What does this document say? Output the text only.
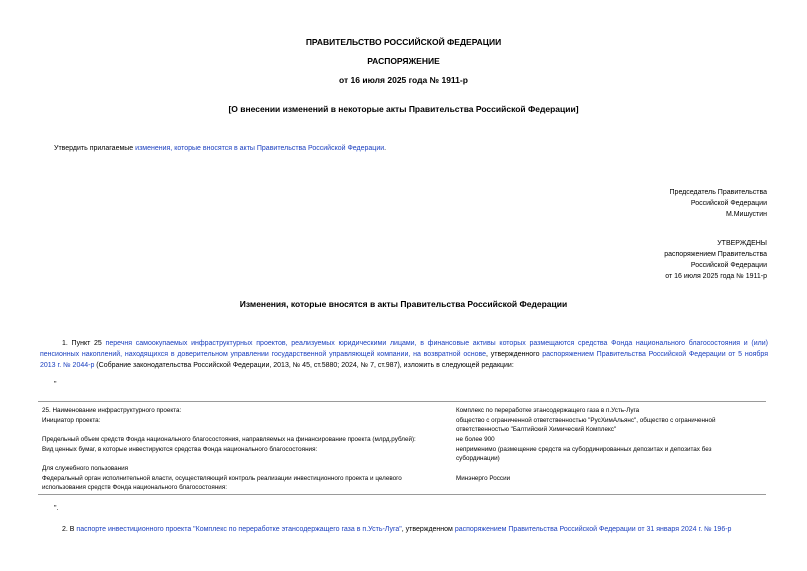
ПРАВИТЕЛЬСТВО РОССИЙСКОЙ ФЕДЕРАЦИИ
РАСПОРЯЖЕНИЕ
от 16 июля 2025 года № 1911-р
[О внесении изменений в некоторые акты Правительства Российской Федерации]
Утвердить прилагаемые изменения, которые вносятся в акты Правительства Российской Федерации.
Председатель Правительства
Российской Федерации
М.Мишустин
УТВЕРЖДЕНЫ
распоряжением Правительства
Российской Федерации
от 16 июля 2025 года № 1911-р
Изменения, которые вносятся в акты Правительства Российской Федерации
1. Пункт 25 перечня самоокупаемых инфраструктурных проектов, реализуемых юридическими лицами, в финансовые активы которых размещаются средства Фонда национального благосостояния и (или) пенсионных накоплений, находящихся в доверительном управлении государственной управляющей компании, на возвратной основе, утвержденного распоряжением Правительства Российской Федерации от 5 ноября 2013 г. № 2044-р (Собрание законодательства Российской Федерации, 2013, № 45, ст.5880; 2024, № 7, ст.987), изложить в следующей редакции:
"
25. Наименование инфраструктурного проекта:	Комплекс по переработке этансодержащего газа в п.Усть-Луга
Инициатор проекта:	общество с ограниченной ответственностью "РусХимАльянс", общество с ограниченной ответственностью "Балтийский Химический Комплекс"
Предельный объем средств Фонда национального благосостояния, направляемых на финансирование проекта (млрд.рублей):	не более 900
Вид ценных бумаг, в которые инвестируются средства Фонда национального благосостояния:	неприменимо (размещение средств на субординированных депозитах и депозитах без субординации)
Для служебного пользования
Федеральный орган исполнительной власти, осуществляющий контроль реализации инвестиционного проекта и целевого использования средств Фонда национального благосостояния:
Минэнерго России
".
2. В паспорте инвестиционного проекта "Комплекс по переработке этансодержащего газа в п.Усть-Луга", утвержденном распоряжением Правительства Российской Федерации от 31 января 2024 г. № 196-р
